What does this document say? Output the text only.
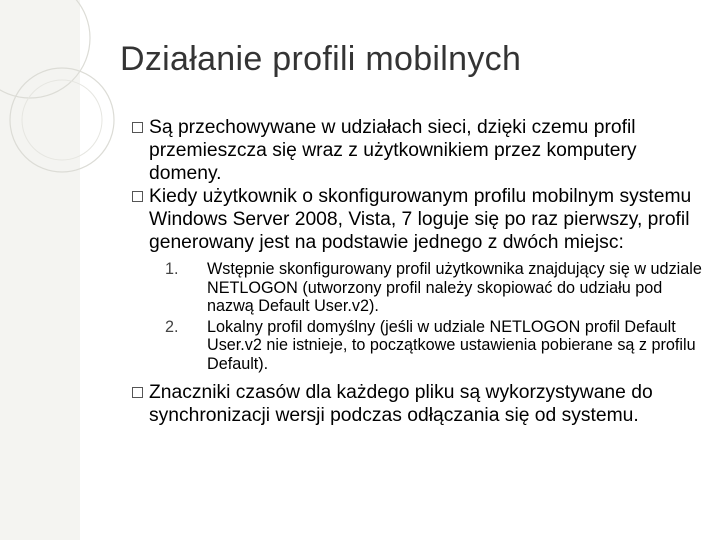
Działanie profili mobilnych
Są przechowywane w udziałach sieci, dzięki czemu profil przemieszcza się wraz z użytkownikiem przez komputery domeny.
Kiedy użytkownik o skonfigurowanym profilu mobilnym systemu Windows Server 2008, Vista, 7 loguje się po raz pierwszy, profil generowany jest na podstawie jednego z dwóch miejsc:
1. Wstępnie skonfigurowany profil użytkownika znajdujący się w udziale NETLOGON (utworzony profil należy skopiować do udziału pod nazwą Default User.v2).
2. Lokalny profil domyślny (jeśli w udziale NETLOGON profil Default User.v2 nie istnieje, to początkowe ustawienia pobierane są z profilu Default).
Znaczniki czasów dla każdego pliku są wykorzystywane do synchronizacji wersji podczas odłączania się od systemu.
